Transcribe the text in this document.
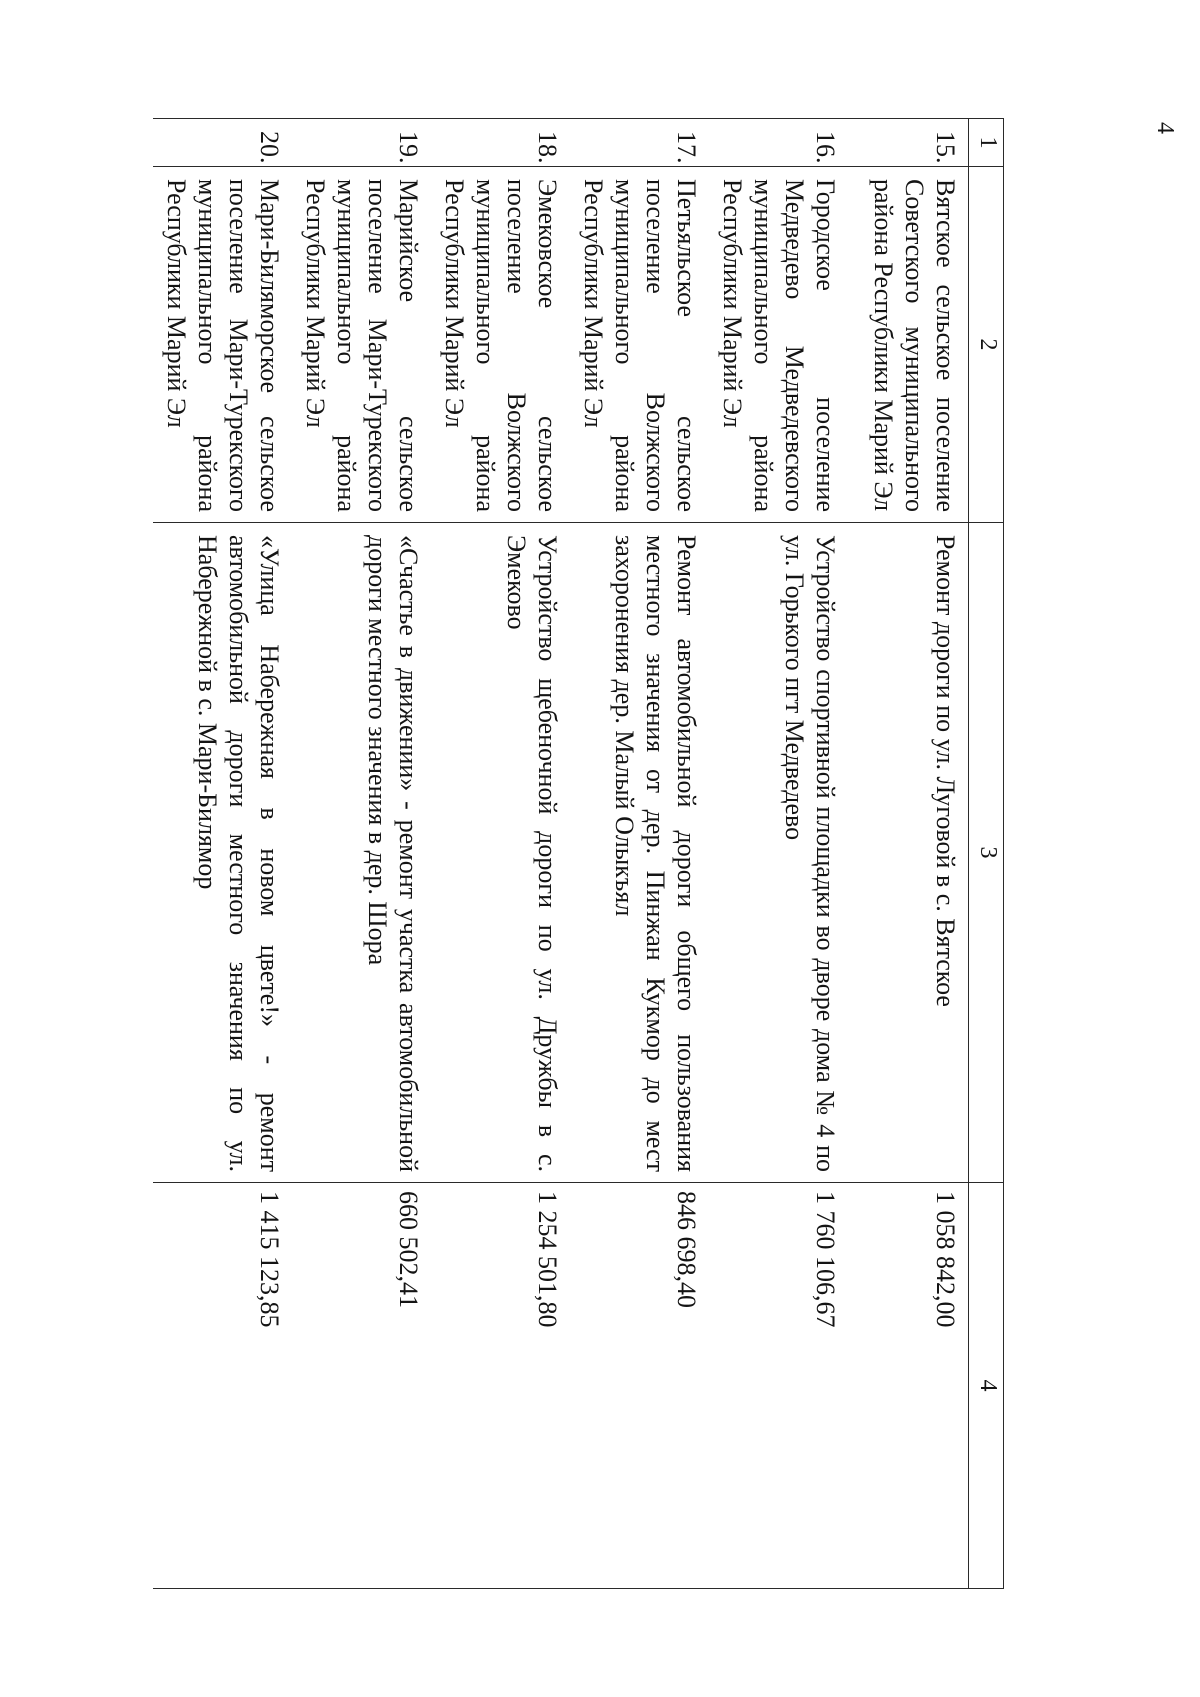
4
1	2	3	4
15.	Вятское сельское поселение Советского муниципального района Республики Марий Эл	Ремонт дороги по ул. Луговой в с. Вятское	1 058 842,00
16.	Городское поселение Медведево Медведевского муниципального района Республики Марий Эл	Устройство спортивной площадки во дворе дома № 4 по ул. Горького пгт Медведево	1 760 106,67
17.	Петьяльское сельское поселение Волжского муниципального района Республики Марий Эл	Ремонт автомобильной дороги общего пользования местного значения от дер. Пинжан Кукмор до мест захоронения дер. Малый Олыкъял	846 698,40
18.	Эмековское сельское поселение Волжского муниципального района Республики Марий Эл	Устройство щебеночной дороги по ул. Дружбы в с. Эмеково	1 254 501,80
19.	Марийское сельское поселение Мари-Турекского муниципального района Республики Марий Эл	«Счастье в движении» - ремонт участка автомобильной дороги местного значения в дер. Шора	660 502,41
20.	Мари-Биляморское сельское поселение Мари-Турекского муниципального района Республики Марий Эл	«Улица Набережная в новом цвете!» - ремонт автомобильной дороги местного значения по ул. Набережной в с. Мари-Билямор	1 415 123,85
